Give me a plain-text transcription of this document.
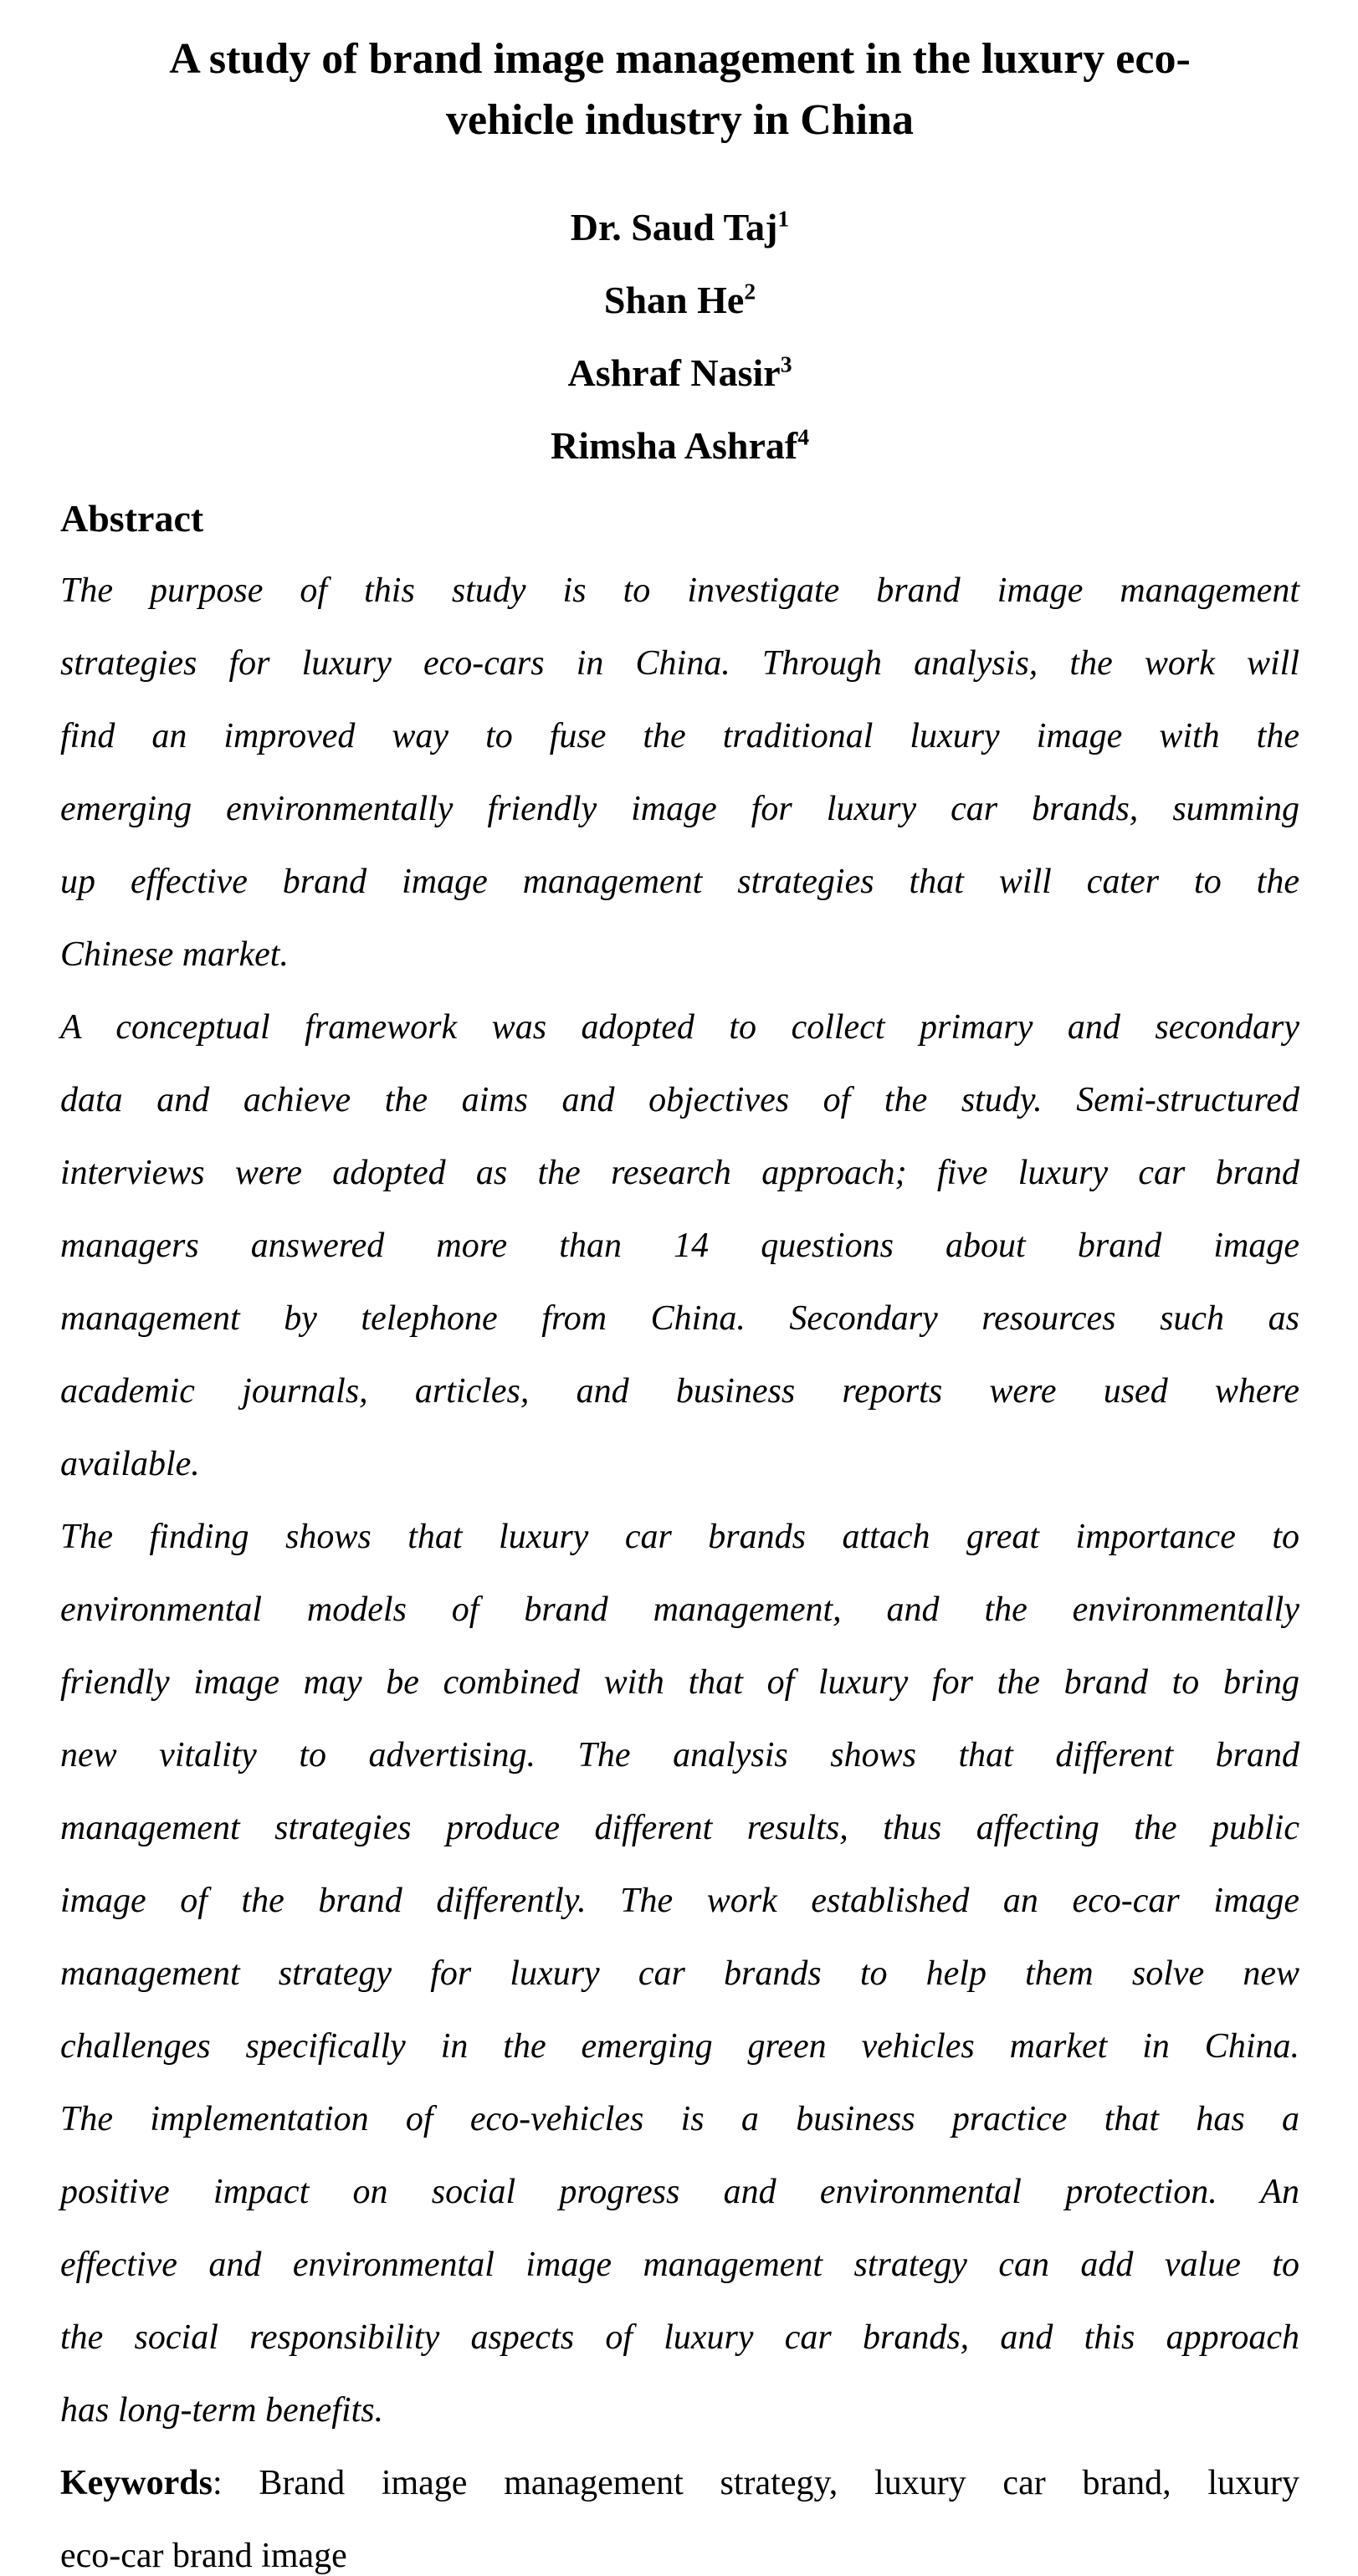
A study of brand image management in the luxury eco-
vehicle industry in China
Dr. Saud Taj$^1$
Shan He$^2$
Ashraf Nasir$^3$
Rimsha Ashraf$^4$
Abstract
The purpose of this study is to investigate brand image management
strategies for luxury eco-cars in China. Through analysis, the work will
find an improved way to fuse the traditional luxury image with the
emerging environmentally friendly image for luxury car brands, summing
up effective brand image management strategies that will cater to the
Chinese market.
A conceptual framework was adopted to collect primary and secondary
data and achieve the aims and objectives of the study. Semi-structured
interviews were adopted as the research approach; five luxury car brand
managers answered more than 14 questions about brand image
management by telephone from China. Secondary resources such as
academic journals, articles, and business reports were used where
available.
The finding shows that luxury car brands attach great importance to
environmental models of brand management, and the environmentally
friendly image may be combined with that of luxury for the brand to bring
new vitality to advertising. The analysis shows that different brand
management strategies produce different results, thus affecting the public
image of the brand differently. The work established an eco-car image
management strategy for luxury car brands to help them solve new
challenges specifically in the emerging green vehicles market in China.
The implementation of eco-vehicles is a business practice that has a
positive impact on social progress and environmental protection. An
effective and environmental image management strategy can add value to
the social responsibility aspects of luxury car brands, and this approach
has long-term benefits.
Keywords: Brand image management strategy, luxury car brand, luxury
eco-car brand image
